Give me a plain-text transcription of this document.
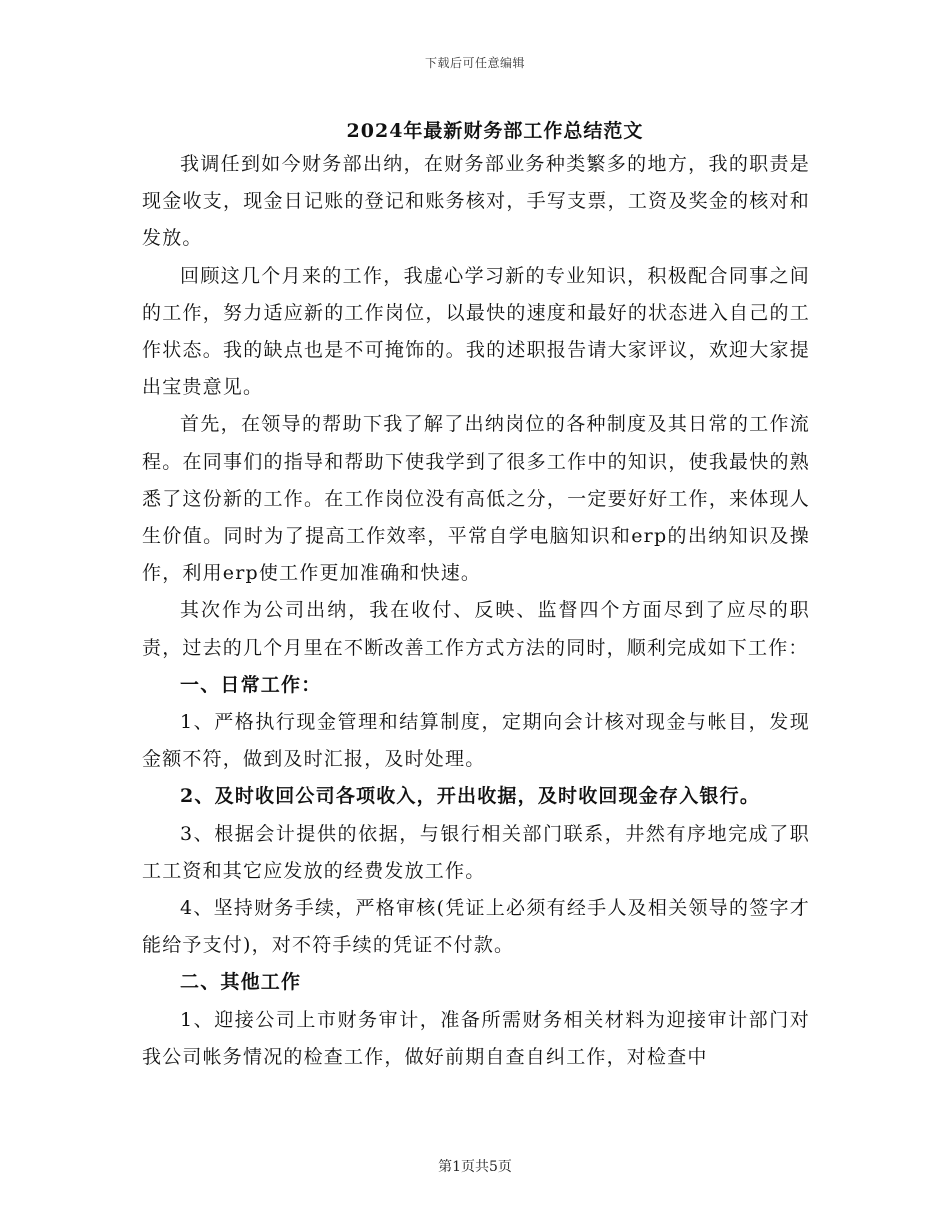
下载后可任意编辑
2024年最新财务部工作总结范文

我调任到如今财务部出纳，在财务部业务种类繁多的地方，我的职责是现金收支，现金日记账的登记和账务核对，手写支票，工资及奖金的核对和发放。

回顾这几个月来的工作，我虚心学习新的专业知识，积极配合同事之间的工作，努力适应新的工作岗位，以最快的速度和最好的状态进入自己的工作状态。我的缺点也是不可掩饰的。我的述职报告请大家评议，欢迎大家提出宝贵意见。

首先，在领导的帮助下我了解了出纳岗位的各种制度及其日常的工作流程。在同事们的指导和帮助下使我学到了很多工作中的知识，使我最快的熟悉了这份新的工作。在工作岗位没有高低之分，一定要好好工作，来体现人生价值。同时为了提高工作效率，平常自学电脑知识和erp的出纳知识及操作，利用erp使工作更加准确和快速。

其次作为公司出纳，我在收付、反映、监督四个方面尽到了应尽的职责，过去的几个月里在不断改善工作方式方法的同时，顺利完成如下工作：

一、日常工作：

1、严格执行现金管理和结算制度，定期向会计核对现金与帐目，发现金额不符，做到及时汇报，及时处理。

2、及时收回公司各项收入，开出收据，及时收回现金存入银行。

3、根据会计提供的依据，与银行相关部门联系，井然有序地完成了职工工资和其它应发放的经费发放工作。

4、坚持财务手续，严格审核(凭证上必须有经手人及相关领导的签字才能给予支付)，对不符手续的凭证不付款。

二、其他工作

1、迎接公司上市财务审计，准备所需财务相关材料为迎接审计部门对我公司帐务情况的检查工作，做好前期自查自纠工作，对检查中

第1页共5页
